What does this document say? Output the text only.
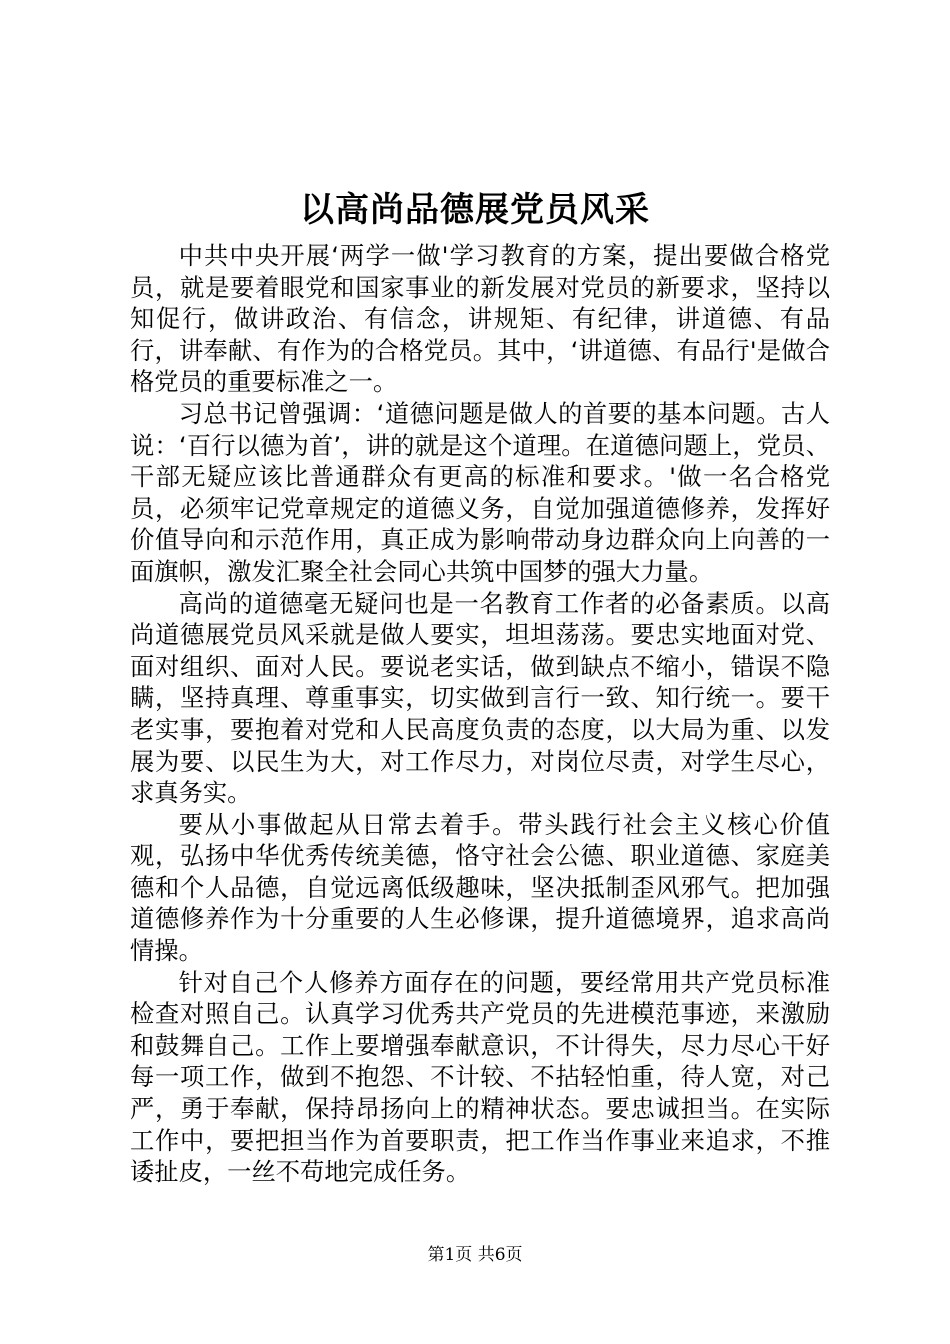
以高尚品德展党员风采

中共中央开展‘两学一做'学习教育的方案，提出要做合格党员，就是要着眼党和国家事业的新发展对党员的新要求，坚持以知促行，做讲政治、有信念，讲规矩、有纪律，讲道德、有品行，讲奉献、有作为的合格党员。其中，‘讲道德、有品行'是做合格党员的重要标准之一。

习总书记曾强调：‘道德问题是做人的首要的基本问题。古人说：‘百行以德为首’，讲的就是这个道理。在道德问题上，党员、干部无疑应该比普通群众有更高的标准和要求。'做一名合格党员，必须牢记党章规定的道德义务，自觉加强道德修养，发挥好价值导向和示范作用，真正成为影响带动身边群众向上向善的一面旗帜，激发汇聚全社会同心共筑中国梦的强大力量。

高尚的道德毫无疑问也是一名教育工作者的必备素质。以高尚道德展党员风采就是做人要实，坦坦荡荡。要忠实地面对党、面对组织、面对人民。要说老实话，做到缺点不缩小，错误不隐瞒，坚持真理、尊重事实，切实做到言行一致、知行统一。要干老实事，要抱着对党和人民高度负责的态度，以大局为重、以发展为要、以民生为大，对工作尽力，对岗位尽责，对学生尽心，求真务实。

要从小事做起从日常去着手。带头践行社会主义核心价值观，弘扬中华优秀传统美德，恪守社会公德、职业道德、家庭美德和个人品德，自觉远离低级趣味，坚决抵制歪风邪气。把加强道德修养作为十分重要的人生必修课，提升道德境界，追求高尚情操。

针对自己个人修养方面存在的问题，要经常用共产党员标准检查对照自己。认真学习优秀共产党员的先进模范事迹，来激励和鼓舞自己。工作上要增强奉献意识，不计得失，尽力尽心干好每一项工作，做到不抱怨、不计较、不拈轻怕重，待人宽，对己严，勇于奉献，保持昂扬向上的精神状态。要忠诚担当。在实际工作中，要把担当作为首要职责，把工作当作事业来追求，不推诿扯皮，一丝不苟地完成任务。

第1页 共6页
